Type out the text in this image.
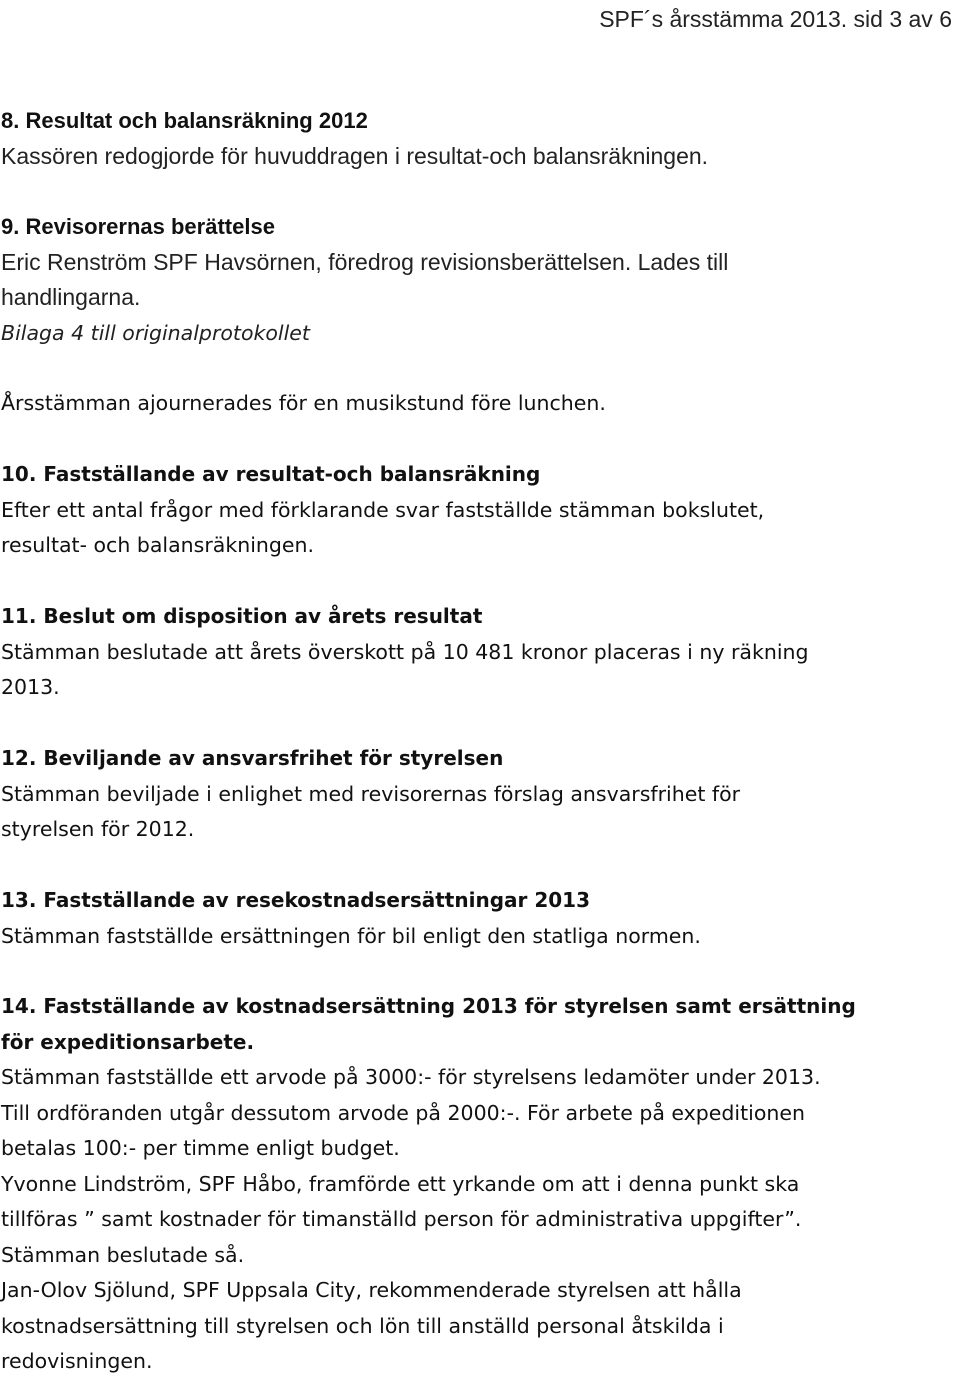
SPF´s årsstämma 2013. sid 3 av 6
8. Resultat och balansräkning 2012
Kassören redogjorde för huvuddragen i resultat-och balansräkningen.
9. Revisorernas berättelse
Eric Renström SPF Havsörnen, föredrog revisionsberättelsen. Lades till
handlingarna.
Bilaga 4 till originalprotokollet
Årsstämman ajournerades för en musikstund före lunchen.
10. Fastställande av resultat-och balansräkning
Efter ett antal frågor med förklarande svar fastställde stämman bokslutet,
resultat- och balansräkningen.
11. Beslut om disposition av årets resultat
Stämman beslutade att årets överskott på 10 481 kronor placeras i ny räkning
2013.
12. Beviljande av ansvarsfrihet för styrelsen
Stämman beviljade i enlighet med revisorernas förslag ansvarsfrihet för
styrelsen för 2012.
13. Fastställande av resekostnadsersättningar 2013
Stämman fastställde ersättningen för bil enligt den statliga normen.
14. Fastställande av kostnadsersättning 2013 för styrelsen samt ersättning
för expeditionsarbete.
Stämman fastställde ett arvode på 3000:- för styrelsens ledamöter under 2013.
Till ordföranden utgår dessutom arvode på 2000:-. För arbete på expeditionen
betalas 100:- per timme enligt budget.
Yvonne Lindström, SPF Håbo, framförde ett yrkande om att i denna punkt ska
tillföras ” samt kostnader för timanställd person för administrativa uppgifter”.
Stämman beslutade så.
Jan-Olov Sjölund, SPF Uppsala City, rekommenderade styrelsen att hålla
kostnadsersättning till styrelsen och lön till anställd personal åtskilda i
redovisningen.
